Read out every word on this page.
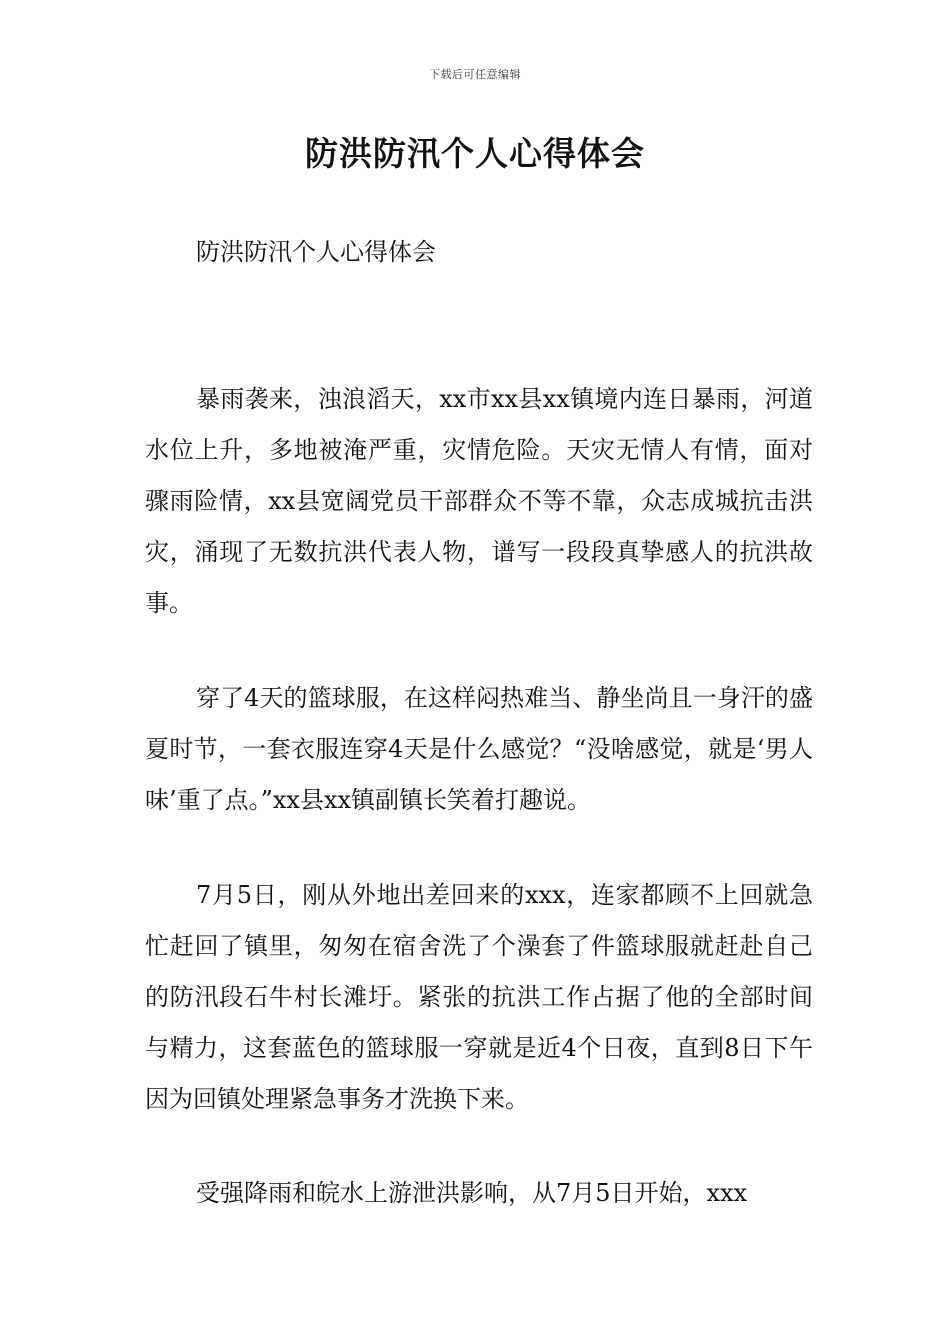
下载后可任意编辑
防洪防汛个人心得体会
防洪防汛个人心得体会

暴雨袭来，浊浪滔天，xx市xx县xx镇境内连日暴雨，河道水位上升，多地被淹严重，灾情危险。天灾无情人有情，面对骤雨险情，xx县宽阔党员干部群众不等不靠，众志成城抗击洪灾，涌现了无数抗洪代表人物，谱写一段段真挚感人的抗洪故事。

穿了4天的篮球服，在这样闷热难当、静坐尚且一身汗的盛夏时节，一套衣服连穿4天是什么感觉？“没啥感觉，就是‘男人味’重了点。”xx县xx镇副镇长笑着打趣说。

7月5日，刚从外地出差回来的xxx，连家都顾不上回就急忙赶回了镇里，匆匆在宿舍洗了个澡套了件篮球服就赶赴自己的防汛段石牛村长滩圩。紧张的抗洪工作占据了他的全部时间与精力，这套蓝色的篮球服一穿就是近4个日夜，直到8日下午因为回镇处理紧急事务才洗换下来。

受强降雨和皖水上游泄洪影响，从7月5日开始，xxx
